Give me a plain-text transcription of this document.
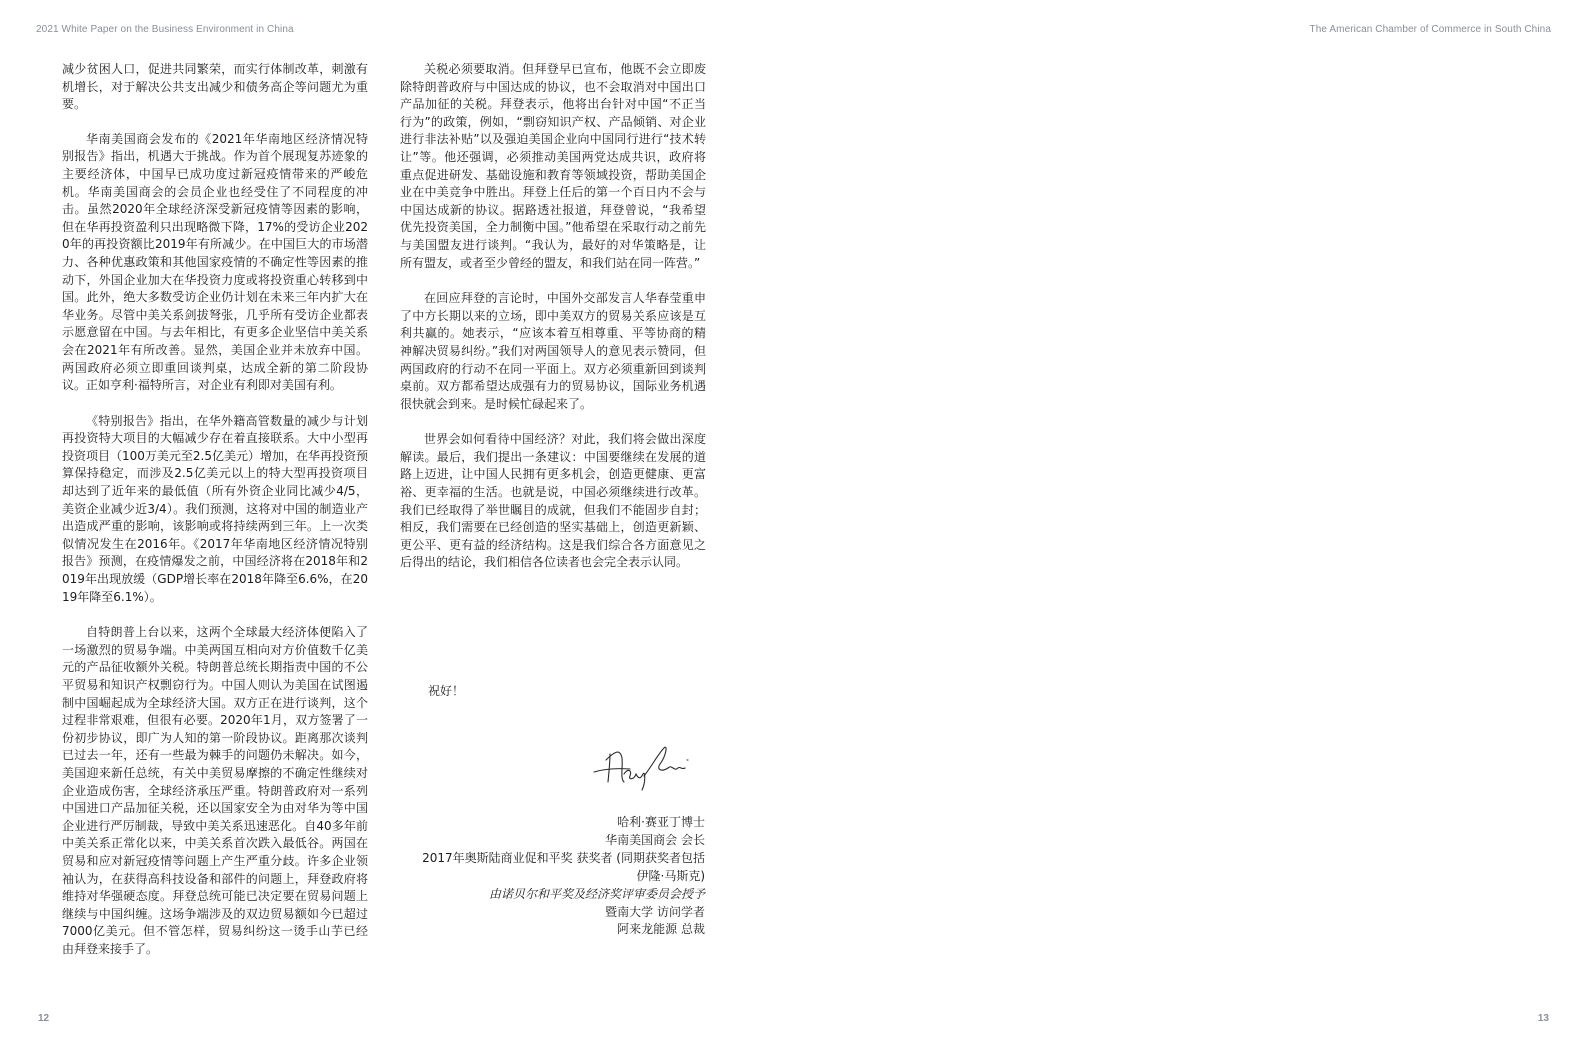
2021 White Paper on the Business Environment in China	The American Chamber of Commerce in South China

减少贫困人口，促进共同繁荣，而实行体制改革，刺激有机增长，对于解决公共支出减少和债务高企等问题尤为重要。

华南美国商会发布的《2021年华南地区经济情况特别报告》指出，机遇大于挑战。作为首个展现复苏迹象的主要经济体，中国早已成功度过新冠疫情带来的严峻危机。华南美国商会的会员企业也经受住了不同程度的冲击。虽然2020年全球经济深受新冠疫情等因素的影响，但在华再投资盈利只出现略微下降，17%的受访企业2020年的再投资额比2019年有所减少。在中国巨大的市场潜力、各种优惠政策和其他国家疫情的不确定性等因素的推动下，外国企业加大在华投资力度或将投资重心转移到中国。此外，绝大多数受访企业仍计划在未来三年内扩大在华业务。尽管中美关系剑拔弩张，几乎所有受访企业都表示愿意留在中国。与去年相比，有更多企业坚信中美关系会在2021年有所改善。显然，美国企业并未放弃中国。两国政府必须立即重回谈判桌，达成全新的第二阶段协议。正如亨利·福特所言，对企业有利即对美国有利。

《特别报告》指出，在华外籍高管数量的减少与计划再投资特大项目的大幅减少存在着直接联系。大中小型再投资项目（100万美元至2.5亿美元）增加，在华再投资预算保持稳定，而涉及2.5亿美元以上的特大型再投资项目却达到了近年来的最低值（所有外资企业同比减少4/5，美资企业减少近3/4）。我们预测，这将对中国的制造业产出造成严重的影响，该影响或将持续两到三年。上一次类似情况发生在2016年。《2017年华南地区经济情况特别报告》预测，在疫情爆发之前，中国经济将在2018年和2019年出现放缓（GDP增长率在2018年降至6.6%，在2019年降至6.1%）。

自特朗普上台以来，这两个全球最大经济体便陷入了一场激烈的贸易争端。中美两国互相向对方价值数千亿美元的产品征收额外关税。特朗普总统长期指责中国的不公平贸易和知识产权剽窃行为。中国人则认为美国在试图遏制中国崛起成为全球经济大国。双方正在进行谈判，这个过程非常艰难，但很有必要。2020年1月，双方签署了一份初步协议，即广为人知的第一阶段协议。距离那次谈判已过去一年，还有一些最为棘手的问题仍未解决。如今，美国迎来新任总统，有关中美贸易摩擦的不确定性继续对企业造成伤害，全球经济承压严重。特朗普政府对一系列中国进口产品加征关税，还以国家安全为由对华为等中国企业进行严厉制裁，导致中美关系迅速恶化。自40多年前中美关系正常化以来，中美关系首次跌入最低谷。两国在贸易和应对新冠疫情等问题上产生严重分歧。许多企业领袖认为，在获得高科技设备和部件的问题上，拜登政府将维持对华强硬态度。拜登总统可能已决定要在贸易问题上继续与中国纠缠。这场争端涉及的双边贸易额如今已超过7000亿美元。但不管怎样，贸易纠纷这一烫手山芋已经由拜登来接手了。

关税必须要取消。但拜登早已宣布，他既不会立即废除特朗普政府与中国达成的协议，也不会取消对中国出口产品加征的关税。拜登表示，他将出台针对中国“不正当行为”的政策，例如，“剽窃知识产权、产品倾销、对企业进行非法补贴”以及强迫美国企业向中国同行进行“技术转让”等。他还强调，必须推动美国两党达成共识，政府将重点促进研发、基础设施和教育等领域投资，帮助美国企业在中美竞争中胜出。拜登上任后的第一个百日内不会与中国达成新的协议。据路透社报道，拜登曾说，“我希望优先投资美国，全力制衡中国。”他希望在采取行动之前先与美国盟友进行谈判。“我认为，最好的对华策略是，让所有盟友，或者至少曾经的盟友，和我们站在同一阵营。”

在回应拜登的言论时，中国外交部发言人华春莹重申了中方长期以来的立场，即中美双方的贸易关系应该是互利共赢的。她表示，“应该本着互相尊重、平等协商的精神解决贸易纠纷。”我们对两国领导人的意见表示赞同，但两国政府的行动不在同一平面上。双方必须重新回到谈判桌前。双方都希望达成强有力的贸易协议，国际业务机遇很快就会到来。是时候忙碌起来了。

世界会如何看待中国经济？对此，我们将会做出深度解读。最后，我们提出一条建议：中国要继续在发展的道路上迈进，让中国人民拥有更多机会，创造更健康、更富裕、更幸福的生活。也就是说，中国必须继续进行改革。我们已经取得了举世瞩目的成就，但我们不能固步自封；相反，我们需要在已经创造的坚实基础上，创造更新颖、更公平、更有益的经济结构。这是我们综合各方面意见之后得出的结论，我们相信各位读者也会完全表示认同。

祝好！
哈利·赛亚丁博士
华南美国商会 会长
2017年奥斯陆商业促和平奖 获奖者 (同期获奖者包括
伊隆·马斯克)
由诺贝尔和平奖及经济奖评审委员会授予
暨南大学 访问学者
阿来龙能源 总裁
12	13
